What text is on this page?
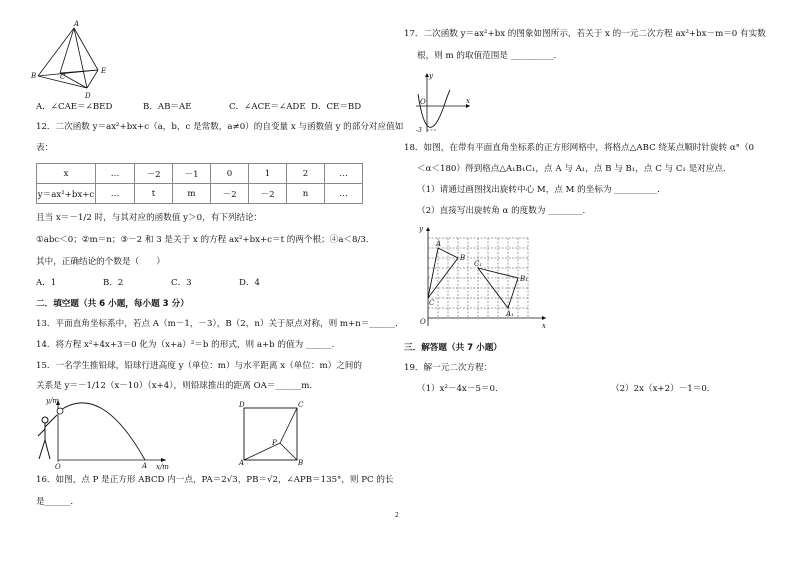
A
B	C
E
D
A．∠CAE＝∠BED	B．AB＝AE	C．∠ACE＝∠ADE D．CE＝BD
12．二次函数 y＝ax²+bx+c（a，b，c 是常数，a≠0）的自变量 x 与函数值 y 的部分对应值如
表：
x	…	－2	－1	0	1	2	…
y＝ax²+bx+c	…	t	m	－2	－2	n	…
且当 x＝－1/2 时，与其对应的函数值 y＞0，有下列结论：
①abc＜0；②m＝n；③－2 和 3 是关于 x 的方程 ax²+bx+c＝t 的两个根；④a＜8/3．
其中，正确结论的个数是（　　）
A．1	B．2	C．3	D．4
二．填空题（共 6 小题，每小题 3 分）
13．平面直角坐标系中，若点 A（m－1，－3），B（2，n）关于原点对称，则 m+n＝______．
14．将方程 x²+4x+3＝0 化为（x+a）²＝b 的形式，则 a+b 的值为 ______．
15．一名学生推铅球，铅球行进高度 y（单位：m）与水平距离 x（单位：m）之间的
关系是 y＝－1/12（x－10）（x+4），则铅球推出的距离 OA＝______m．
y/m
x/m
O	A
D	C
P
A	B
16．如图，点 P 是正方形 ABCD 内一点，PA＝2√3，PB＝√2，∠APB＝135°，则 PC 的长
是______．
2
17．二次函数 y＝ax²+bx 的图象如图所示，若关于 x 的一元二次方程 ax²+bx－m＝0 有实数
根，则 m 的取值范围是 __________．
y
O	x
-3
18．如图，在带有平面直角坐标系的正方形网格中，将格点△ABC 绕某点顺时针旋转 α°（0
＜α＜180）得到格点△A₁B₁C₁，点 A 与 A₁，点 B 与 B₁，点 C 与 C₁ 是对应点．
（1）请通过画图找出旋转中心 M，点 M 的坐标为 __________．
（2）直接写出旋转角 α 的度数为 ________．
y
x
O
A
B
C
A₁
B₁
C₁
三．解答题（共 7 小题）
19．解一元二次方程：
（1）x²－4x－5＝0．	（2）2x（x+2）－1＝0．
